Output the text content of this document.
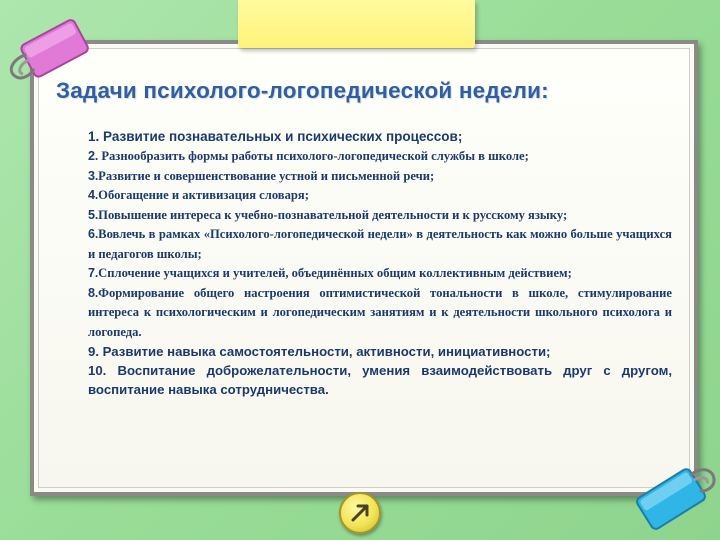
Задачи психолого-логопедической недели:
1. Развитие познавательных и психических процессов;
2. Разнообразить формы работы психолого-логопедической службы в школе;
3.Развитие и совершенствование устной и письменной речи;
4.Обогащение и активизация словаря;
5.Повышение интереса к учебно-познавательной деятельности и к русскому языку;
6.Вовлечь в рамках «Психолого-логопедической недели» в деятельность как можно больше учащихся и педагогов школы;
7.Сплочение учащихся и учителей, объединённых общим коллективным действием;
8.Формирование общего настроения оптимистической тональности в школе, стимулирование интереса к психологическим и логопедическим занятиям и к деятельности школьного психолога и логопеда.
9. Развитие навыка самостоятельности, активности, инициативности;
10. Воспитание доброжелательности, умения взаимодействовать друг с другом, воспитание навыка сотрудничества.
